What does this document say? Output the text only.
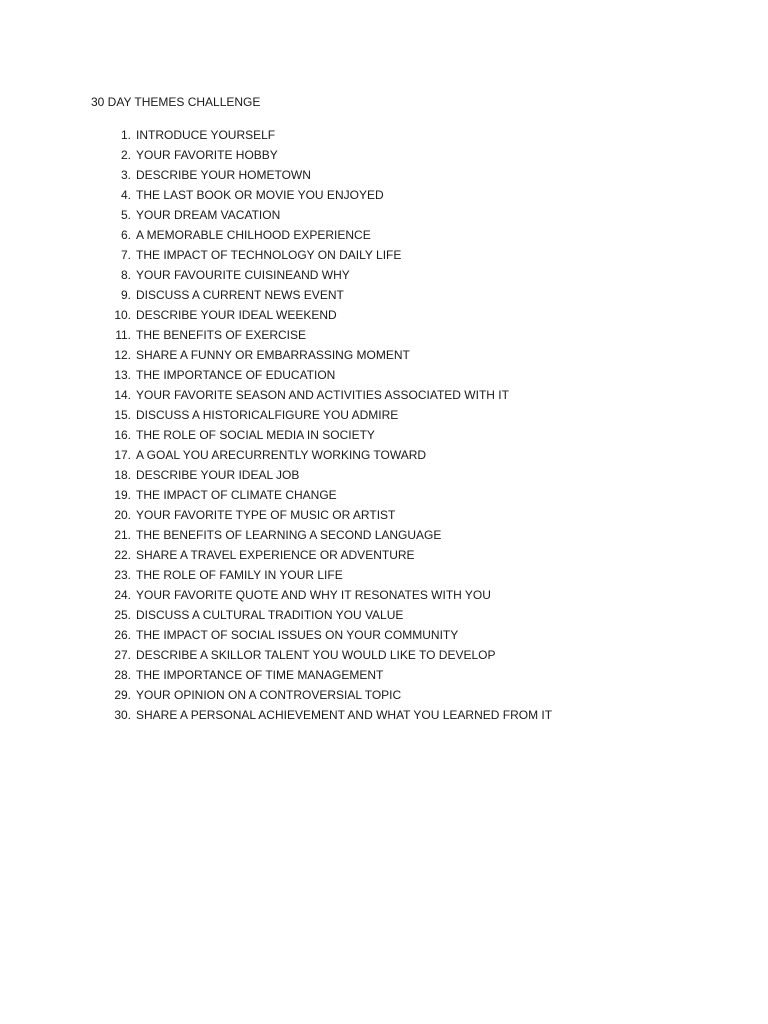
30 DAY THEMES CHALLENGE
1. INTRODUCE YOURSELF
2. YOUR FAVORITE HOBBY
3. DESCRIBE YOUR HOMETOWN
4. THE LAST BOOK OR MOVIE YOU ENJOYED
5. YOUR DREAM VACATION
6. A MEMORABLE CHILHOOD EXPERIENCE
7. THE IMPACT OF TECHNOLOGY ON DAILY LIFE
8. YOUR FAVOURITE CUISINEAND WHY
9. DISCUSS A CURRENT NEWS EVENT
10. DESCRIBE YOUR IDEAL WEEKEND
11. THE BENEFITS OF EXERCISE
12. SHARE A FUNNY OR EMBARRASSING MOMENT
13. THE IMPORTANCE OF EDUCATION
14. YOUR FAVORITE SEASON AND ACTIVITIES ASSOCIATED WITH IT
15. DISCUSS A HISTORICALFIGURE YOU ADMIRE
16. THE ROLE OF SOCIAL MEDIA IN SOCIETY
17. A GOAL YOU ARECURRENTLY WORKING TOWARD
18. DESCRIBE YOUR IDEAL JOB
19. THE IMPACT OF CLIMATE CHANGE
20. YOUR FAVORITE TYPE OF MUSIC OR ARTIST
21. THE BENEFITS OF LEARNING A SECOND LANGUAGE
22. SHARE A TRAVEL EXPERIENCE OR ADVENTURE
23. THE ROLE OF FAMILY IN YOUR LIFE
24. YOUR FAVORITE QUOTE AND WHY IT RESONATES WITH YOU
25. DISCUSS A CULTURAL TRADITION YOU VALUE
26. THE IMPACT OF SOCIAL ISSUES ON YOUR COMMUNITY
27. DESCRIBE A SKILLOR TALENT YOU WOULD LIKE TO DEVELOP
28. THE IMPORTANCE OF TIME MANAGEMENT
29. YOUR OPINION ON A CONTROVERSIAL TOPIC
30. SHARE A PERSONAL ACHIEVEMENT AND WHAT YOU LEARNED FROM IT
